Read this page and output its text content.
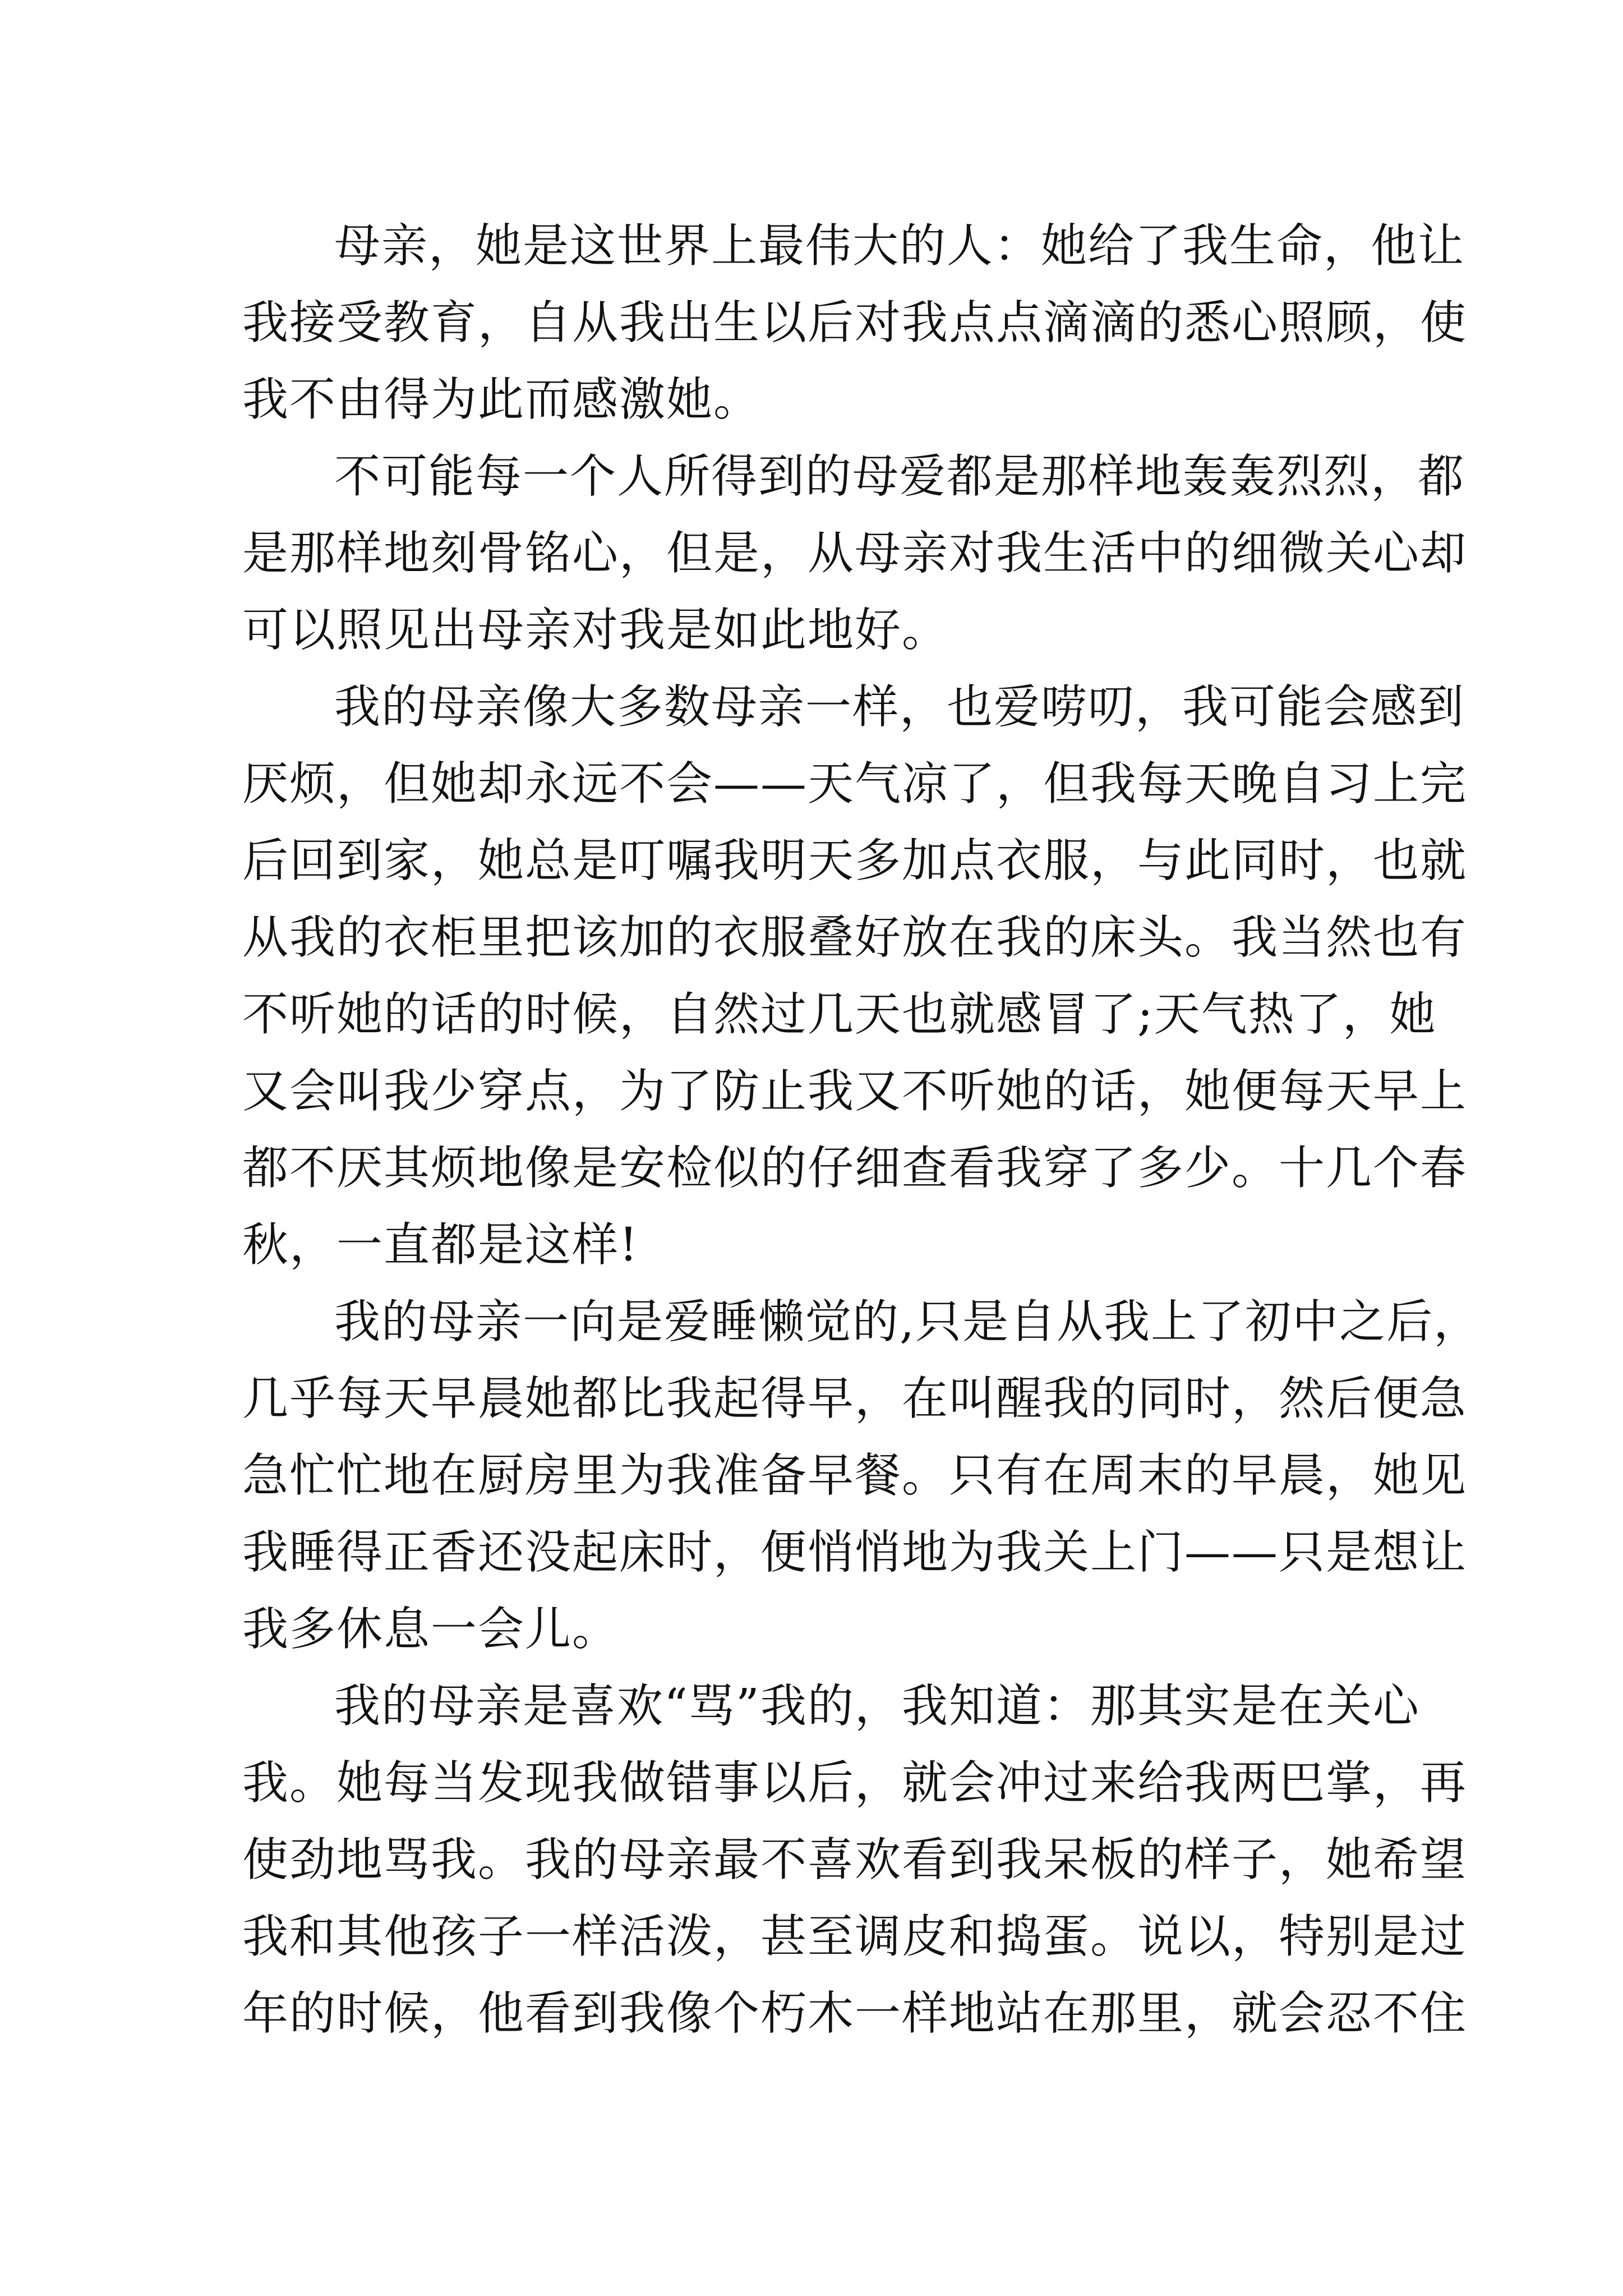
母亲，她是这世界上最伟大的人：她给了我生命，他让
我接受教育，自从我出生以后对我点点滴滴的悉心照顾，使
我不由得为此而感激她。
不可能每一个人所得到的母爱都是那样地轰轰烈烈，都
是那样地刻骨铭心，但是，从母亲对我生活中的细微关心却
可以照见出母亲对我是如此地好。
我的母亲像大多数母亲一样，也爱唠叨，我可能会感到
厌烦，但她却永远不会——天气凉了，但我每天晚自习上完
后回到家，她总是叮嘱我明天多加点衣服，与此同时，也就
从我的衣柜里把该加的衣服叠好放在我的床头。我当然也有
不听她的话的时候，自然过几天也就感冒了;天气热了，她
又会叫我少穿点，为了防止我又不听她的话，她便每天早上
都不厌其烦地像是安检似的仔细查看我穿了多少。十几个春
秋，一直都是这样!
我的母亲一向是爱睡懒觉的,只是自从我上了初中之后，
几乎每天早晨她都比我起得早，在叫醒我的同时，然后便急
急忙忙地在厨房里为我准备早餐。只有在周末的早晨，她见
我睡得正香还没起床时，便悄悄地为我关上门——只是想让
我多休息一会儿。
我的母亲是喜欢“骂”我的，我知道：那其实是在关心
我。她每当发现我做错事以后，就会冲过来给我两巴掌，再
使劲地骂我。我的母亲最不喜欢看到我呆板的样子，她希望
我和其他孩子一样活泼，甚至调皮和捣蛋。说以，特别是过
年的时候，他看到我像个朽木一样地站在那里，就会忍不住
